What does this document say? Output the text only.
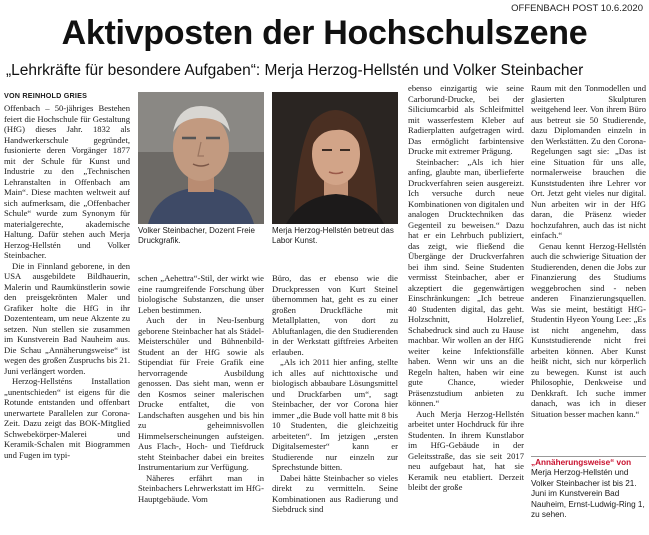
OFFENBACH POST 10.6.2020
Aktivposten der Hochschulszene
„Lehrkräfte für besondere Aufgaben“: Merja Herzog-Hellstén und Volker Steinbacher
VON REINHOLD GRIES

Offenbach – 50-jähriges Bestehen feiert die Hochschule für Gestaltung (HfG) dieses Jahr. 1832 als Handwerkerschule gegründet, fusionierte deren Vorgänger 1877 mit der Schule für Kunst und Industrie zu den „Technischen Lehranstalten in Offenbach am Main“. Diese machten weltweit auf sich aufmerksam, die „Offenbacher Schule“ wurde zum Synonym für materialgerechte, akademische Haltung. Dafür stehen auch Merja Herzog-Hellstén und Volker Steinbacher.

Die in Finnland geborene, in den USA ausgebildete Bildhauerin, Malerin und Raumkünstlerin sowie den preisgekrönten Maler und Grafiker holte die HfG in ihr Dozententeam, um neue Akzente zu setzen. Nun stellen sie zusammen im Kunstverein Bad Nauheim aus. Die Schau „Annäherungsweise“ ist wegen des großen Zuspruchs bis 21. Juni verlängert worden.

Herzog-Hellsténs Installation „unentschieden“ ist eigens für die Rotunde entstanden und offenbart unerwartete Parallelen zur Corona-Zeit. Dazu zeigt das BOK-Mitglied Schwebekörper-Malerei und Keramik-Schalen mit Biogrammen und Fugen im typi-

Volker Steinbacher, Dozent Freie Druckgrafik.
Merja Herzog-Hellstén betreut das Labor Kunst.

schen „Aehettra“-Stil, der wirkt wie eine raumgreifende Forschung über biologische Substanzen, die unser Leben bestimmen.

Auch der in Neu-Isenburg geborene Steinbacher hat als Städel-Meisterschüler und Bühnenbild-Student an der HfG sowie als Stipendiat für Freie Grafik eine hervorragende Ausbildung genossen. Das sieht man, wenn er den Kosmos seiner malerischen Drucke entfaltet, die von Landschaften ausgehen und bis hin zu geheimnisvollen Himmelserscheinungen aufsteigen. Aus Flach-, Hoch- und Tiefdruck steht Steinbacher dabei ein breites Instrumentarium zur Verfügung.

Näheres erfährt man in Steinbachers Lehrwerkstatt im HfG-Hauptgebäude. Vom

Büro, das er ebenso wie die Druckpressen von Kurt Steinel übernommen hat, geht es zu einer großen Druckfläche mit Metallplatten, von dort zu Abluftanlagen, die den Studierenden in der Werkstatt giftfreies Arbeiten erlauben.

„Als ich 2011 hier anfing, stellte ich alles auf nichttoxische und biologisch abbaubare Lösungsmittel und Druckfarben um“, sagt Steinbacher, der vor Corona hier immer „die Bude voll hatte mit 8 bis 10 Studenten, die gleichzeitig arbeiteten“. Im jetzigen „ersten Digitalsemester“ kann er Studierende nur einzeln zur Sprechstunde bitten.

Dabei hätte Steinbacher so vieles direkt zu vermitteln. Seine Kombinationen aus Radierung und Siebdruck sind

ebenso einzigartig wie seine Carborund-Drucke, bei der Siliciumcarbid als Schleifmittel mit wasserfestem Kleber auf Radierplatten aufgetragen wird. Das ermöglicht farbintensive Drucke mit extremer Prägung.

Steinbacher: „Als ich hier anfing, glaubte man, überlieferte Druckverfahren seien ausgereizt. Ich versuche durch neue Kombinationen von digitalen und analogen Drucktechniken das Gegenteil zu beweisen.“ Dazu hat er ein Lehrbuch publiziert, das zeigt, wie fließend die Übergänge der Druckverfahren bei ihm sind. Seine Studenten vermisst Steinbacher, aber er akzeptiert die gegenwärtigen Einschränkungen: „Ich betreue 40 Studenten digital, das geht. Holzschnitt, Holzrelief, Schabedruck sind auch zu Hause machbar. Wir wollen an der HfG weiter keine Infektionsfälle haben. Wenn wir uns an die Regeln halten, haben wir eine gute Chance, wieder Präsenzstudium anbieten zu können.“

Auch Merja Herzog-Hellstén arbeitet unter Hochdruck für ihre Studenten. In ihrem Kunstlabor im HfG-Gebäude in der Geleitsstraße, das sie seit 2017 neu aufgebaut hat, hat sie Keramik neu etabliert. Derzeit bleibt der große

Raum mit den Tonmodellen und glasierten Skulpturen weitgehend leer. Von ihrem Büro aus betreut sie 50 Studierende, dazu Diplomanden einzeln in den Werkstätten. Zu den Corona-Regelungen sagt sie: „Das ist eine Situation für uns alle, normalerweise brauchen die Kunststudenten ihre Lehrer vor Ort. Jetzt geht vieles nur digital. Nun arbeiten wir in der HfG daran, die Präsenz wieder hochzufahren, auch das ist nicht einfach.“

Genau kennt Herzog-Hellstén auch die schwierige Situation der Studierenden, denen die Jobs zur Finanzierung des Studiums weggebrochen sind - neben anderen Finanzierungsquellen. Was sie meint, bestätigt HfG-Studentin Hyeon Young Lee: „Es ist nicht angenehm, dass Kunststudierende nicht frei arbeiten können. Aber Kunst heißt nicht, sich nur körperlich zu bewegen. Kunst ist auch Philosophie, Denkweise und Denkkraft. Ich suche immer danach, was ich in dieser Situation besser machen kann.“

„Annäherungsweise“ von Merja Herzog-Hellstén und Volker Steinbacher ist bis 21. Juni im Kunstverein Bad Nauheim, Ernst-Ludwig-Ring 1, zu sehen.
